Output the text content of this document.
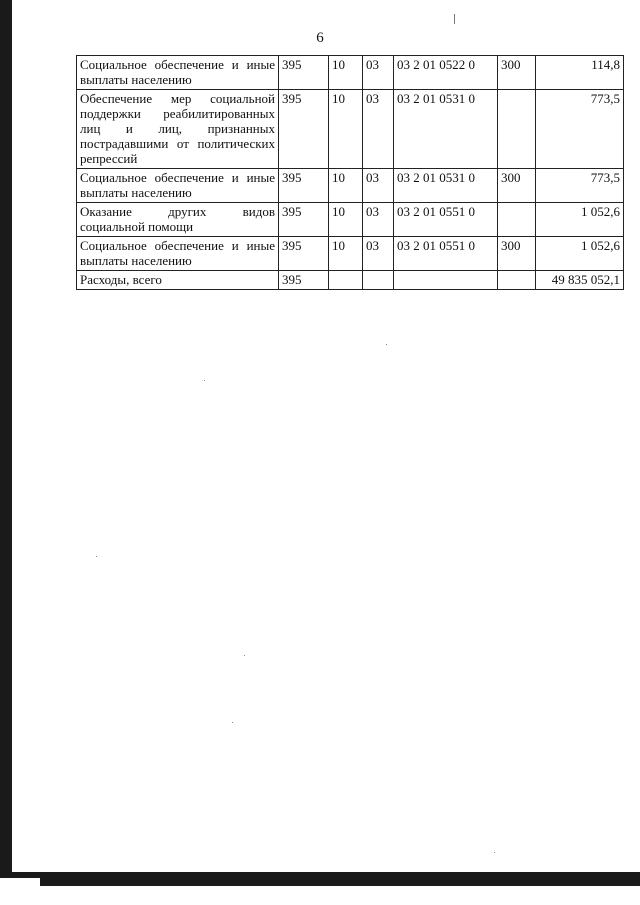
6
Социальное обеспечение и иные выплаты населению	395	10	03	03 2 01 0522 0	300	114,8
Обеспечение мер социальной поддержки реабилитированных лиц и лиц, признанных пострадавшими от политических репрессий	395	10	03	03 2 01 0531 0		773,5
Социальное обеспечение и иные выплаты населению	395	10	03	03 2 01 0531 0	300	773,5
Оказание других видов социальной помощи	395	10	03	03 2 01 0551 0		1 052,6
Социальное обеспечение и иные выплаты населению	395	10	03	03 2 01 0551 0	300	1 052,6
Расходы, всего	395					49 835 052,1
